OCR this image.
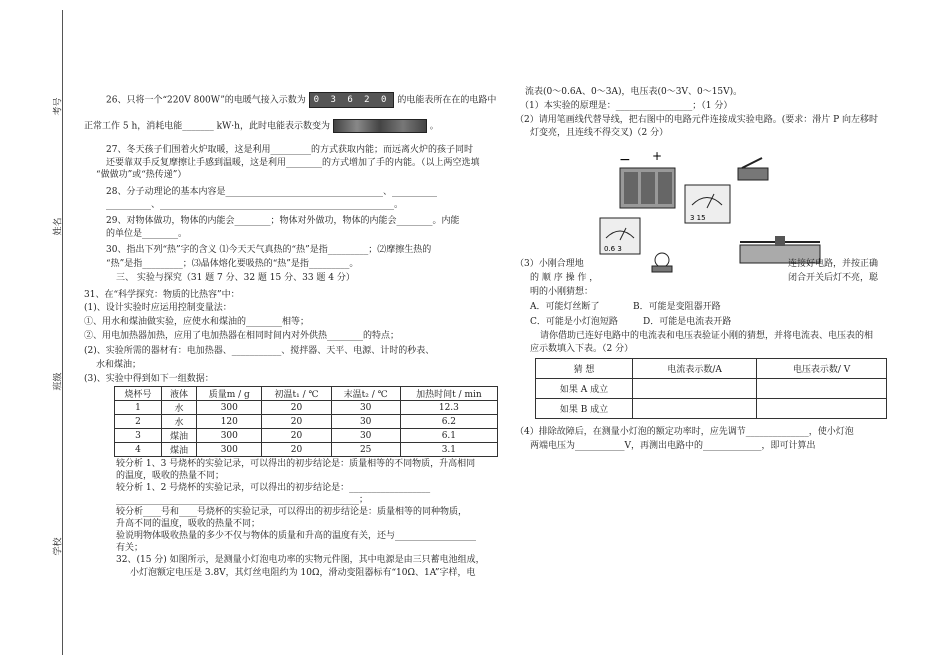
考号
姓名
班级
学校
26、只将一个“220V 800W”的电暖气接入示数为 0 3 6 2 0 的电能表所在在的电路中
正常工作 5 h，消耗电能_______ kW·h，此时电能表示数变为	。
27、冬天孩子们围着火炉取暖，这是利用_________的方式获取内能；而远离火炉的孩子同时
还要靠双手反复摩擦让手感到温暖，这是利用________的方式增加了手的内能。（以上两空选填
“做做功”或“热传递”）
28、分子动理论的基本内容是___________________________________、__________
__________、____________________________________________________。
29、对物体做功，物体的内能会________；物体对外做功，物体的内能会________。内能
的单位是________。
30、指出下列“热”字的含义 ⑴今天天气真热的“热”是指_________；⑵摩擦生热的
“热”是指_________；⑶晶体熔化要吸热的“热”是指_________。
三、 实验与探究（31 题 7 分、32 题 15 分、33 题 4 分）
31、在“科学探究：物质的比热容”中：
(1)、设计实验时应运用控制变量法：
①、用水和煤油做实验，应使水和煤油的________相等；
②、用电加热器加热，应用了电加热器在相同时间内对外供热________的特点；
(2)、实验所需的器材有：电加热器、___________、搅拌器、天平、电源、计时的秒表、
水和煤油；
(3)、实验中得到如下一组数据：
烧杯号	液体	质量m / g	初温t₁ / ℃	末温t₂ / ℃	加热时间t / min
1	水	300	20	30	12.3
2	水	120	20	30	6.2
3	煤油	300	20	30	6.1
4	煤油	300	20	25	3.1
较分析 1、3 号烧杯的实验记录，可以得出的初步结论是：质量相等的不同物质，升高相同
的温度，吸收的热量不同；
较分析 1、2 号烧杯的实验记录，可以得出的初步结论是：__________________
______________________________________________________；
较分析____号和____号烧杯的实验记录，可以得出的初步结论是：质量相等的同种物质，
升高不同的温度，吸收的热量不同；
验说明物体吸收热量的多少不仅与物体的质量和升高的温度有关，还与__________________
有关；
32、(15 分) 如图所示，是测量小灯泡电功率的实物元件图，其中电源是由三只蓄电池组成，
小灯泡额定电压是 3.8V，其灯丝电阻约为 10Ω，滑动变阻器标有“10Ω、1A”字样，电
流表(0～0.6A、0～3A)，电压表(0～3V、0～15V)。
（1）本实验的原理是：_________________；（1 分）
（2）请用笔画线代替导线，把右图中的电路元件连接成实验电路。(要求：滑片 P 向左移时
灯变亮，且连线不得交叉)（2 分）
− +
3 15
0.6 3
（3）小刚合理地	连接好电路，并按正确
的 顺 序 操 作 ，	闭合开关后灯不亮，聪
明的小刚猜想：
A．可能灯丝断了	B．可能是变阻器开路
C．可能是小灯泡短路	D．可能是电流表开路
请你借助已连好电路中的电流表和电压表验证小刚的猜想，并将电流表、电压表的相
应示数填入下表。（2 分）
猜 想	电流表示数/A	电压表示数/ V
如果 A 成立		
如果 B 成立		
（4）排除故障后，在测量小灯泡的额定功率时，应先调节______________，使小灯泡
两端电压为___________V，再测出电路中的_____________，即可计算出
